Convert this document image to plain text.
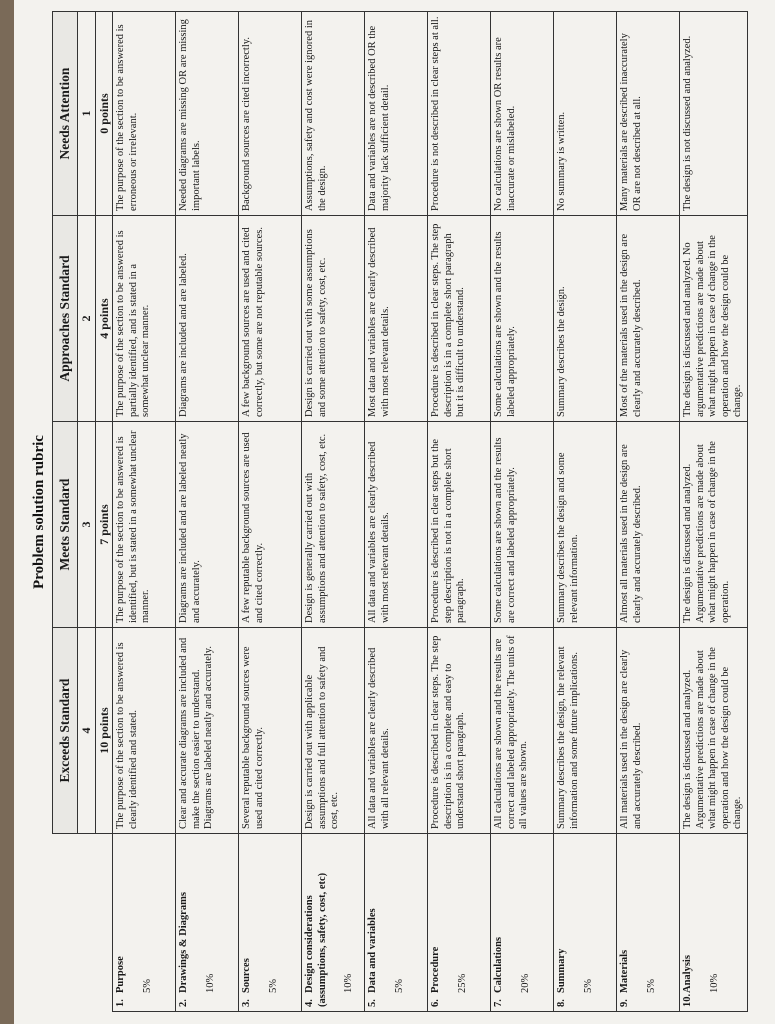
Problem solution rubric
	Exceeds Standard	Meets Standard	Approaches Standard	Needs Attention
	4	3	2	1
	10 points	7 points	4 points	0 points
1.Purpose 5%	The purpose of the section to be answered is clearly identified and stated.	The purpose of the section to be answered is identified, but is stated in a somewhat unclear manner.	The purpose of the section to be answered is partially identified, and is stated in a somewhat unclear manner.	The purpose of the section to be answered is erroneous or irrelevant.
2.Drawings & Diagrams 10%	Clear and accurate diagrams are included and make the section easier to understand. Diagrams are labeled neatly and accurately.	Diagrams are included and are labeled neatly and accurately.	Diagrams are included and are labeled.	Needed diagrams are missing OR are missing important labels.
3.Sources 5%	Several reputable background sources were used and cited correctly.	A few reputable background sources are used and cited correctly.	A few background sources are used and cited correctly, but some are not reputable sources.	Background sources are cited incorrectly.
4.Design considerations (assumptions, safety, cost, etc) 10%	Design is carried out with applicable assumptions and full attention to safety and cost, etc.	Design is generally carried out with assumptions and attention to safety, cost, etc.	Design is carried out with some assumptions and some attention to safety, cost, etc.	Assumptions, safety and cost were ignored in the design.
5.Data and variables 5%	All data and variables are clearly described with all relevant details.	All data and variables are clearly described with most relevant details.	Most data and variables are clearly described with most relevant details.	Data and variables are not described OR the majority lack sufficient detail.
6.Procedure 25%	Procedure is described in clear steps. The step description is in a complete and easy to understand short paragraph.	Procedure is described in clear steps but the step description is not in a complete short paragraph.	Procedure is described in clear steps. The step description is in a complete short paragraph but it is difficult to understand.	Procedure is not described in clear steps at all.
7.Calculations 20%	All calculations are shown and the results are correct and labeled appropriately. The units of all values are shown.	Some calculations are shown and the results are correct and labeled appropriately.	Some calculations are shown and the results labeled appropriately.	No calculations are shown OR results are inaccurate or mislabeled.
8.Summary 5%	Summary describes the design, the relevant information and some future implications.	Summary describes the design and some relevant information.	Summary describes the design.	No summary is written.
9.Materials 5%	All materials used in the design are clearly and accurately described.	Almost all materials used in the design are clearly and accurately described.	Most of the materials used in the design are clearly and accurately described.	Many materials are described inaccurately OR are not described at all.
10.Analysis 10%	The design is discussed and analyzed. Argumentative predictions are made about what might happen in case of change in the operation and how the design could be change.	The design is discussed and analyzed. Argumentative predictions are made about what might happen in case of change in the operation.	The design is discussed and analyzed. No argumentative predictions are made about what might happen in case of change in the operation and how the design could be change.	The design is not discussed and analyzed.
